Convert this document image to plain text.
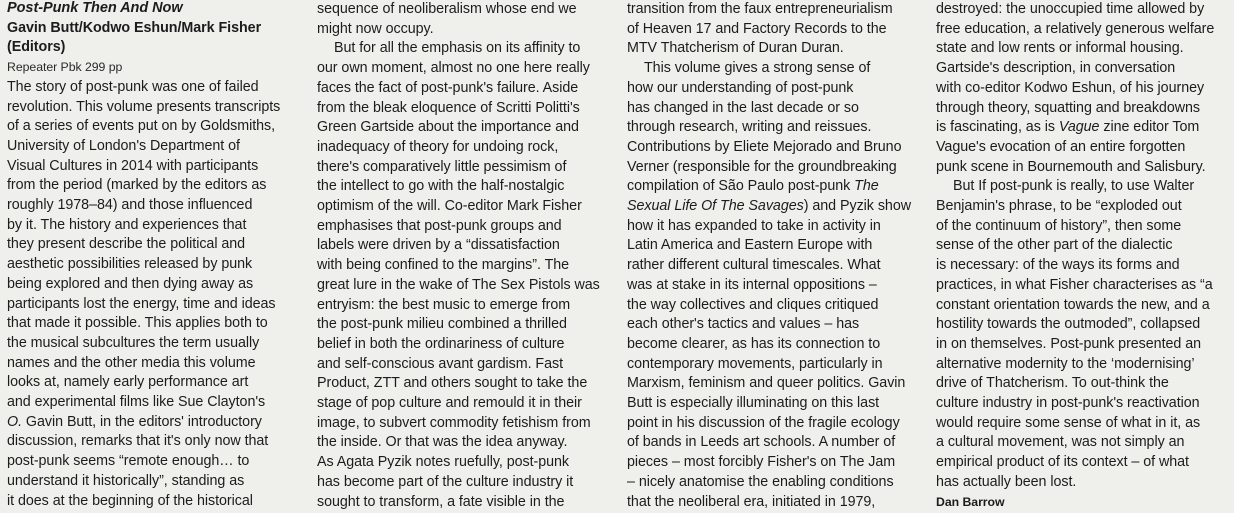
Post-Punk Then And Now
Gavin Butt/Kodwo Eshun/Mark Fisher
(Editors)
Repeater Pbk 299 pp
The story of post-punk was one of failed
revolution. This volume presents transcripts
of a series of events put on by Goldsmiths,
University of London's Department of
Visual Cultures in 2014 with participants
from the period (marked by the editors as
roughly 1978–84) and those influenced
by it. The history and experiences that
they present describe the political and
aesthetic possibilities released by punk
being explored and then dying away as
participants lost the energy, time and ideas
that made it possible. This applies both to
the musical subcultures the term usually
names and the other media this volume
looks at, namely early performance art
and experimental films like Sue Clayton's
O. Gavin Butt, in the editors' introductory
discussion, remarks that it's only now that
post-punk seems “remote enough… to
understand it historically”, standing as
it does at the beginning of the historical
sequence of neoliberalism whose end we
might now occupy.
But for all the emphasis on its affinity to
our own moment, almost no one here really
faces the fact of post-punk's failure. Aside
from the bleak eloquence of Scritti Politti's
Green Gartside about the importance and
inadequacy of theory for undoing rock,
there's comparatively little pessimism of
the intellect to go with the half-nostalgic
optimism of the will. Co-editor Mark Fisher
emphasises that post-punk groups and
labels were driven by a “dissatisfaction
with being confined to the margins”. The
great lure in the wake of The Sex Pistols was
entryism: the best music to emerge from
the post-punk milieu combined a thrilled
belief in both the ordinariness of culture
and self-conscious avant gardism. Fast
Product, ZTT and others sought to take the
stage of pop culture and remould it in their
image, to subvert commodity fetishism from
the inside. Or that was the idea anyway.
As Agata Pyzik notes ruefully, post-punk
has become part of the culture industry it
sought to transform, a fate visible in the
transition from the faux entrepreneurialism
of Heaven 17 and Factory Records to the
MTV Thatcherism of Duran Duran.
This volume gives a strong sense of
how our understanding of post-punk
has changed in the last decade or so
through research, writing and reissues.
Contributions by Eliete Mejorado and Bruno
Verner (responsible for the groundbreaking
compilation of São Paulo post-punk The
Sexual Life Of The Savages) and Pyzik show
how it has expanded to take in activity in
Latin America and Eastern Europe with
rather different cultural timescales. What
was at stake in its internal oppositions –
the way collectives and cliques critiqued
each other's tactics and values – has
become clearer, as has its connection to
contemporary movements, particularly in
Marxism, feminism and queer politics. Gavin
Butt is especially illuminating on this last
point in his discussion of the fragile ecology
of bands in Leeds art schools. A number of
pieces – most forcibly Fisher's on The Jam
– nicely anatomise the enabling conditions
that the neoliberal era, initiated in 1979,
destroyed: the unoccupied time allowed by
free education, a relatively generous welfare
state and low rents or informal housing.
Gartside's description, in conversation
with co-editor Kodwo Eshun, of his journey
through theory, squatting and breakdowns
is fascinating, as is Vague zine editor Tom
Vague's evocation of an entire forgotten
punk scene in Bournemouth and Salisbury.
But If post-punk is really, to use Walter
Benjamin's phrase, to be “exploded out
of the continuum of history”, then some
sense of the other part of the dialectic
is necessary: of the ways its forms and
practices, in what Fisher characterises as “a
constant orientation towards the new, and a
hostility towards the outmoded”, collapsed
in on themselves. Post-punk presented an
alternative modernity to the ‘modernising’
drive of Thatcherism. To out-think the
culture industry in post-punk's reactivation
would require some sense of what in it, as
a cultural movement, was not simply an
empirical product of its context – of what
has actually been lost.
Dan Barrow
